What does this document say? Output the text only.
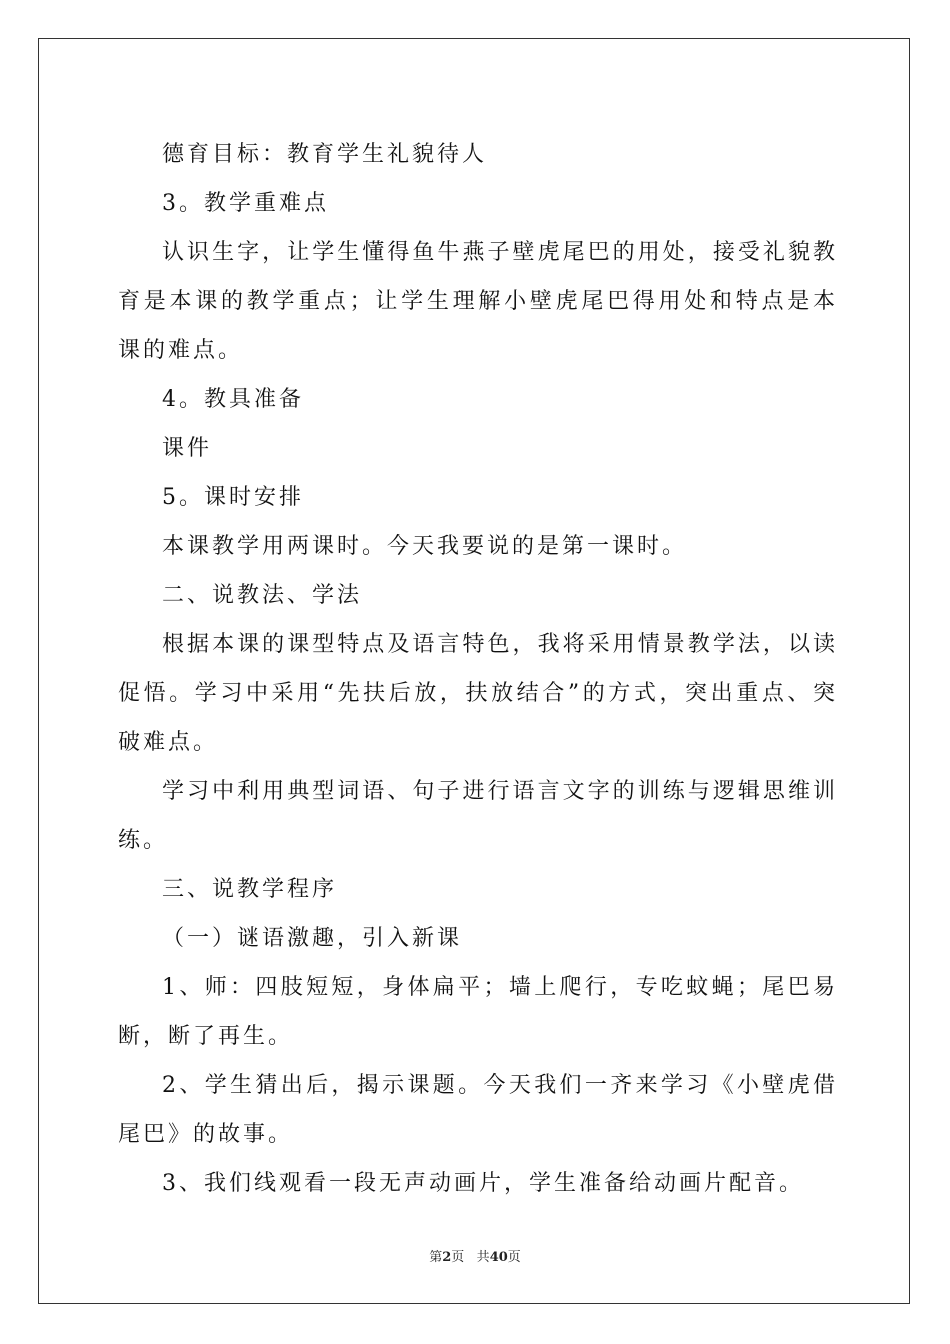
德育目标：教育学生礼貌待人

3。教学重难点

认识生字，让学生懂得鱼牛燕子壁虎尾巴的用处，接受礼貌教育是本课的教学重点；让学生理解小壁虎尾巴得用处和特点是本课的难点。

4。教具准备

课件

5。课时安排

本课教学用两课时。今天我要说的是第一课时。

二、说教法、学法

根据本课的课型特点及语言特色，我将采用情景教学法，以读促悟。学习中采用“先扶后放，扶放结合”的方式，突出重点、突破难点。

学习中利用典型词语、句子进行语言文字的训练与逻辑思维训练。

三、说教学程序

（一）谜语激趣，引入新课

1、师：四肢短短，身体扁平；墙上爬行，专吃蚊蝇；尾巴易断，断了再生。

2、学生猜出后，揭示课题。今天我们一齐来学习《小壁虎借尾巴》的故事。

3、我们线观看一段无声动画片，学生准备给动画片配音。

第2页 共40页
